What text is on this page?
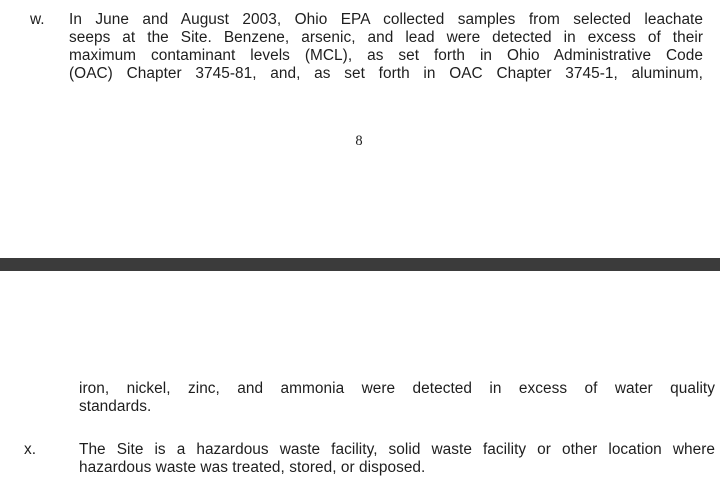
w. In June and August 2003, Ohio EPA collected samples from selected leachate
seeps at the Site. Benzene, arsenic, and lead were detected in excess of their
maximum contaminant levels (MCL), as set forth in Ohio Administrative Code
(OAC) Chapter 3745-81, and, as set forth in OAC Chapter 3745-1, aluminum,
8
iron, nickel, zinc, and ammonia were detected in excess of water quality
standards.
x.	The Site is a hazardous waste facility, solid waste facility or other location where
hazardous waste was treated, stored, or disposed.
